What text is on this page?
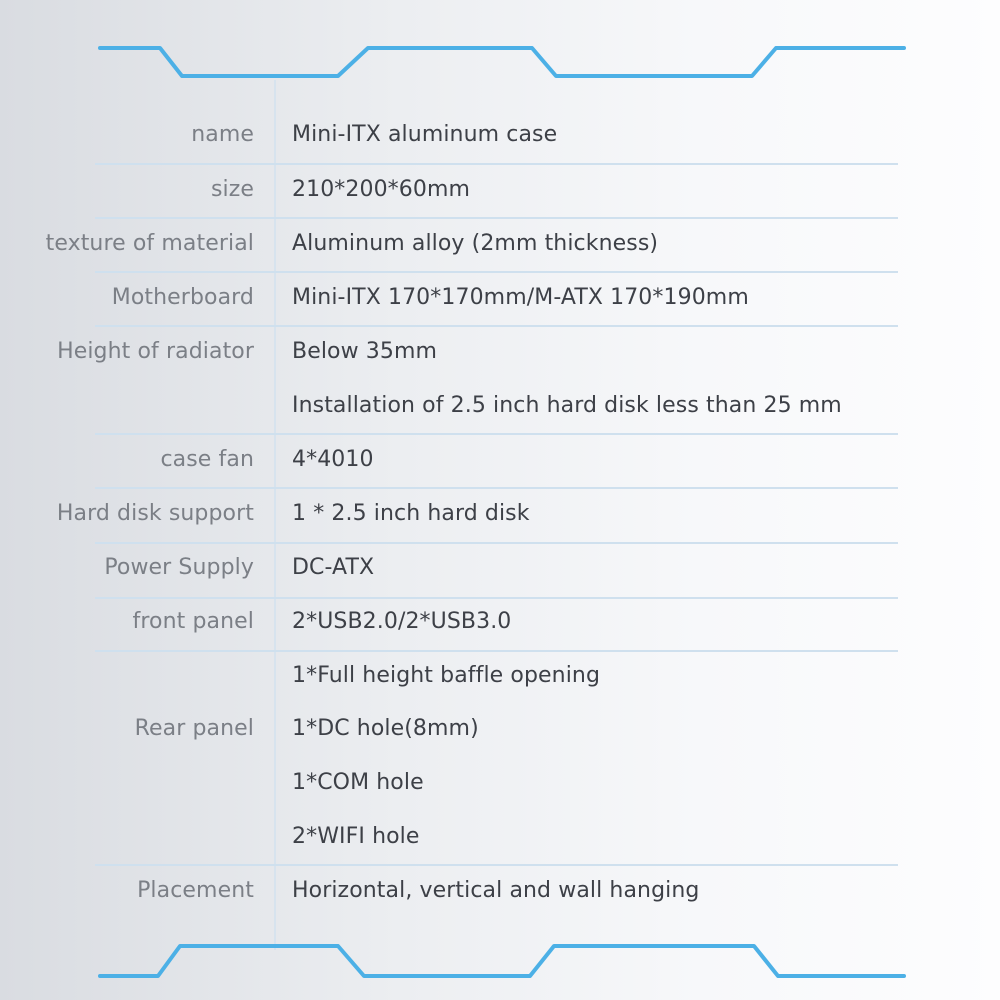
name Mini-ITX aluminum case
size 210*200*60mm
texture of material Aluminum alloy (2mm thickness)
Motherboard Mini-ITX 170*170mm/M-ATX 170*190mm
Height of radiator Below 35mm
Installation of 2.5 inch hard disk less than 25 mm
case fan 4*4010
Hard disk support 1 * 2.5 inch hard disk
Power Supply DC-ATX
front panel 2*USB2.0/2*USB3.0
Rear panel
1*Full height baffle opening
1*DC hole(8mm)
1*COM hole
2*WIFI hole
Placement Horizontal, vertical and wall hanging
